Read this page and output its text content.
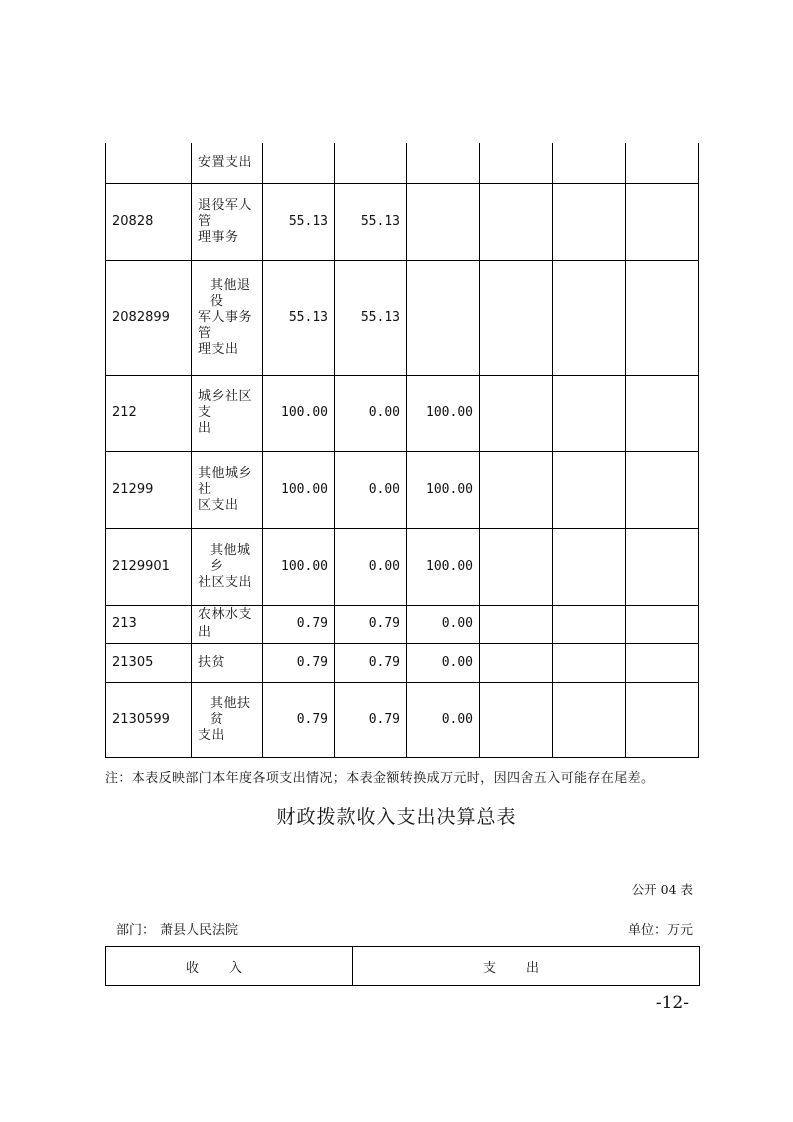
	安置支出						

20828	退役军人管
理事务	55.13	55.13				
2082899	其他退役
军人事务管
理支出	55.13	55.13				
212	城乡社区支
出	100.00	0.00	100.00			
21299	其他城乡社
区支出	100.00	0.00	100.00			
2129901	其他城乡
社区支出	100.00	0.00	100.00			
213	农林水支出	0.79	0.79	0.00			
21305	扶贫	0.79	0.79	0.00			
2130599	其他扶贫
支出	0.79	0.79	0.00			
注：本表反映部门本年度各项支出情况；本表金额转换成万元时，因四舍五入可能存在尾差。
财政拨款收入支出决算总表
公开 04 表
部门： 萧县人民法院	单位：万元
收入	支出
-12-
